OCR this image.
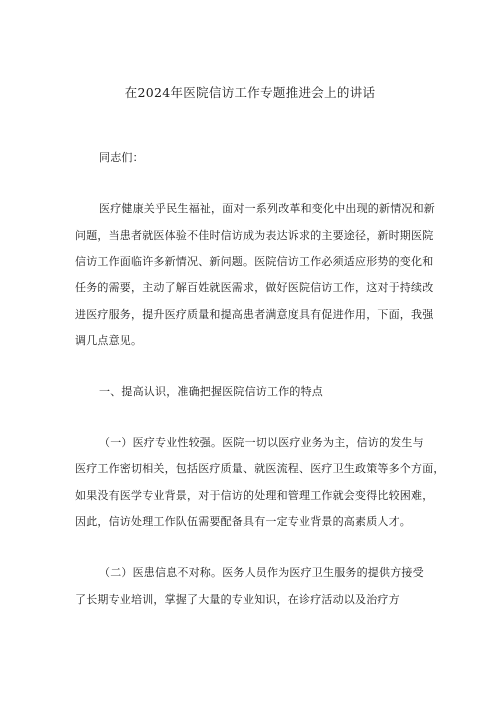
在2024年医院信访工作专题推进会上的讲话
同志们：
医疗健康关乎民生福祉，面对一系列改革和变化中出现的新情况和新
问题，当患者就医体验不佳时信访成为表达诉求的主要途径，新时期医院
信访工作面临许多新情况、新问题。医院信访工作必须适应形势的变化和
任务的需要，主动了解百姓就医需求，做好医院信访工作，这对于持续改
进医疗服务，提升医疗质量和提高患者满意度具有促进作用，下面，我强
调几点意见。
一、提高认识，准确把握医院信访工作的特点
（一）医疗专业性较强。医院一切以医疗业务为主，信访的发生与
医疗工作密切相关，包括医疗质量、就医流程、医疗卫生政策等多个方面，
如果没有医学专业背景，对于信访的处理和管理工作就会变得比较困难，
因此，信访处理工作队伍需要配备具有一定专业背景的高素质人才。
（二）医患信息不对称。医务人员作为医疗卫生服务的提供方接受
了长期专业培训，掌握了大量的专业知识，在诊疗活动以及治疗方
